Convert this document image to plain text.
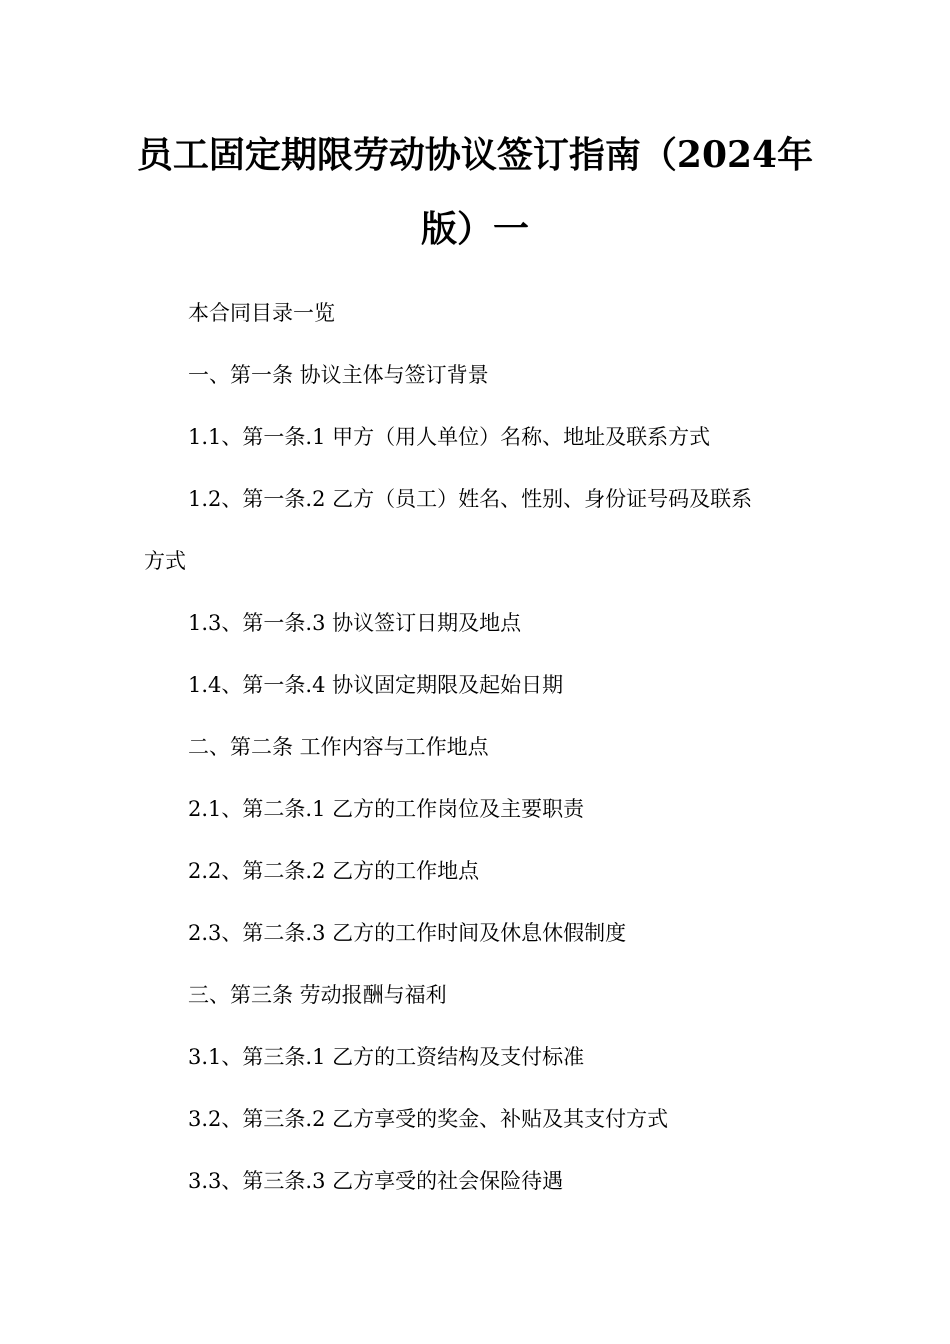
员工固定期限劳动协议签订指南（2024年
版）一
本合同目录一览
一、第一条 协议主体与签订背景
1.1、第一条.1 甲方（用人单位）名称、地址及联系方式
1.2、第一条.2 乙方（员工）姓名、性别、身份证号码及联系
方式
1.3、第一条.3 协议签订日期及地点
1.4、第一条.4 协议固定期限及起始日期
二、第二条 工作内容与工作地点
2.1、第二条.1 乙方的工作岗位及主要职责
2.2、第二条.2 乙方的工作地点
2.3、第二条.3 乙方的工作时间及休息休假制度
三、第三条 劳动报酬与福利
3.1、第三条.1 乙方的工资结构及支付标准
3.2、第三条.2 乙方享受的奖金、补贴及其支付方式
3.3、第三条.3 乙方享受的社会保险待遇
